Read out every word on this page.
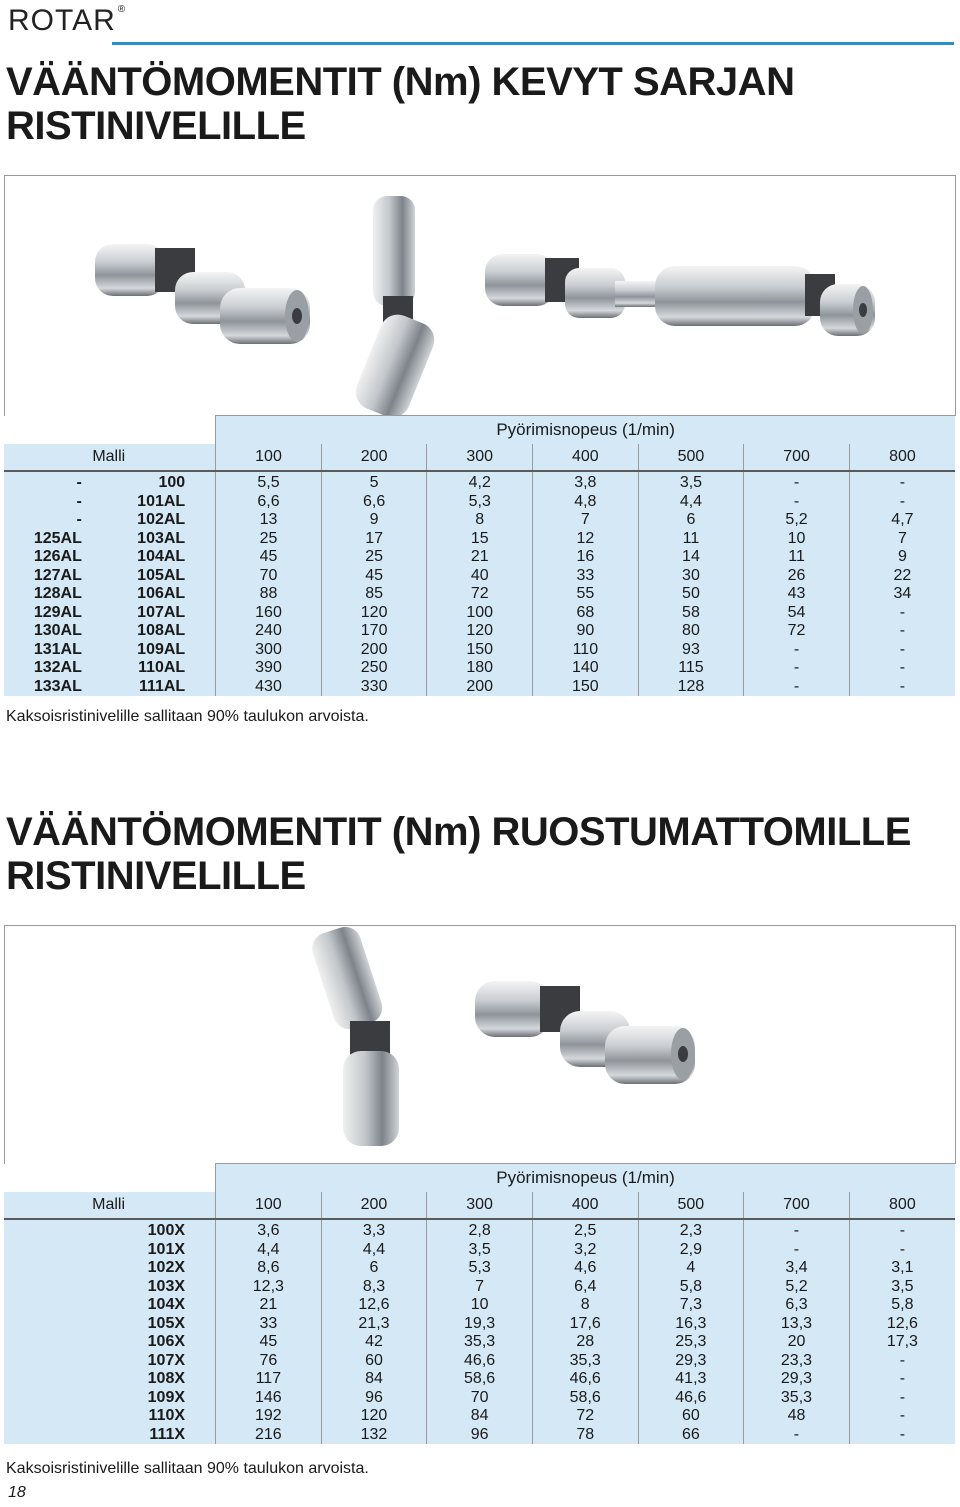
ROTAR ®
VÄÄNTÖMOMENTIT (Nm) KEVYT SARJAN
RISTINIVELILLE
		Pyörimisnopeus (1/min)						
Malli		100	200	300	400	500	700	800
-	100	5,5	5	4,2	3,8	3,5	-	-
-	101AL	6,6	6,6	5,3	4,8	4,4	-	-
-	102AL	13	9	8	7	6	5,2	4,7
125AL	103AL	25	17	15	12	11	10	7
126AL	104AL	45	25	21	16	14	11	9
127AL	105AL	70	45	40	33	30	26	22
128AL	106AL	88	85	72	55	50	43	34
129AL	107AL	160	120	100	68	58	54	-
130AL	108AL	240	170	120	90	80	72	-
131AL	109AL	300	200	150	110	93	-	-
132AL	110AL	390	250	180	140	115	-	-
133AL	111AL	430	330	200	150	128	-	-
Kaksoisristinivelille sallitaan 90% taulukon arvoista.
VÄÄNTÖMOMENTIT (Nm) RUOSTUMATTOMILLE
RISTINIVELILLE
	Pyörimisnopeus (1/min)						
Malli	100	200	300	400	500	700	800
100X	3,6	3,3	2,8	2,5	2,3	-	-
101X	4,4	4,4	3,5	3,2	2,9	-	-
102X	8,6	6	5,3	4,6	4	3,4	3,1
103X	12,3	8,3	7	6,4	5,8	5,2	3,5
104X	21	12,6	10	8	7,3	6,3	5,8
105X	33	21,3	19,3	17,6	16,3	13,3	12,6
106X	45	42	35,3	28	25,3	20	17,3
107X	76	60	46,6	35,3	29,3	23,3	-
108X	117	84	58,6	46,6	41,3	29,3	-
109X	146	96	70	58,6	46,6	35,3	-
110X	192	120	84	72	60	48	-
111X	216	132	96	78	66	-	-
Kaksoisristinivelille sallitaan 90% taulukon arvoista.
18
